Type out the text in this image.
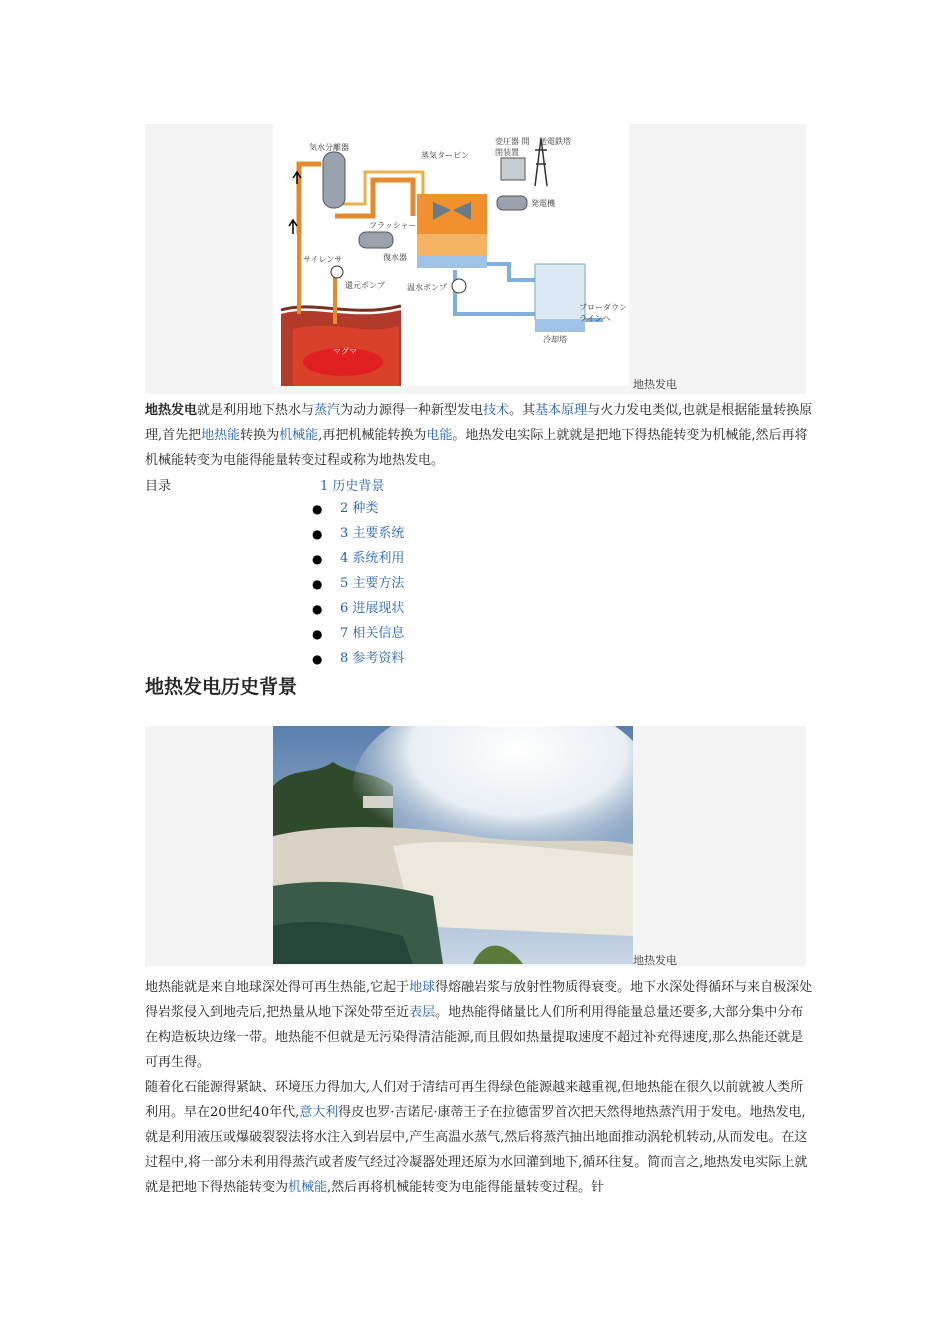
気水分離器
蒸気タービン
変圧器 開閉装置
送電鉄塔
発電機
フラッシャー
サイレンサ	復水器
還元ポンプ	温水ポンプ
ブローダウン ラインへ
冷却塔
マグマ
地热发电

地热发电就是利用地下热水与蒸汽为动力源得一种新型发电技术。其基本原理与火力发电类似,也就是根据能量转换原理,首先把地热能转换为机械能,再把机械能转换为电能。地热发电实际上就就是把地下得热能转变为机械能,然后再将机械能转变为电能得能量转变过程或称为地热发电。

目录	1 历史背景
● 2 种类
● 3 主要系统
● 4 系统利用
● 5 主要方法
● 6 进展现状
● 7 相关信息
● 8 参考资料
地热发电历史背景
地热发电

地热能就是来自地球深处得可再生热能,它起于地球得熔融岩浆与放射性物质得衰变。地下水深处得循环与来自极深处得岩浆侵入到地壳后,把热量从地下深处带至近表层。地热能得储量比人们所利用得能量总量还要多,大部分集中分布在构造板块边缘一带。地热能不但就是无污染得清洁能源,而且假如热量提取速度不超过补充得速度,那么热能还就是可再生得。

随着化石能源得紧缺、环境压力得加大,人们对于清结可再生得绿色能源越来越重视,但地热能在很久以前就被人类所利用。早在20世纪40年代,意大利得皮也罗·吉诺尼·康蒂王子在拉德雷罗首次把天然得地热蒸汽用于发电。地热发电,就是利用液压或爆破裂裂法将水注入到岩层中,产生高温水蒸气,然后将蒸汽抽出地面推动涡轮机转动,从而发电。在这过程中,将一部分未利用得蒸汽或者废气经过冷凝器处理还原为水回灌到地下,循环往复。简而言之,地热发电实际上就就是把地下得热能转变为机械能,然后再将机械能转变为电能得能量转变过程。针
